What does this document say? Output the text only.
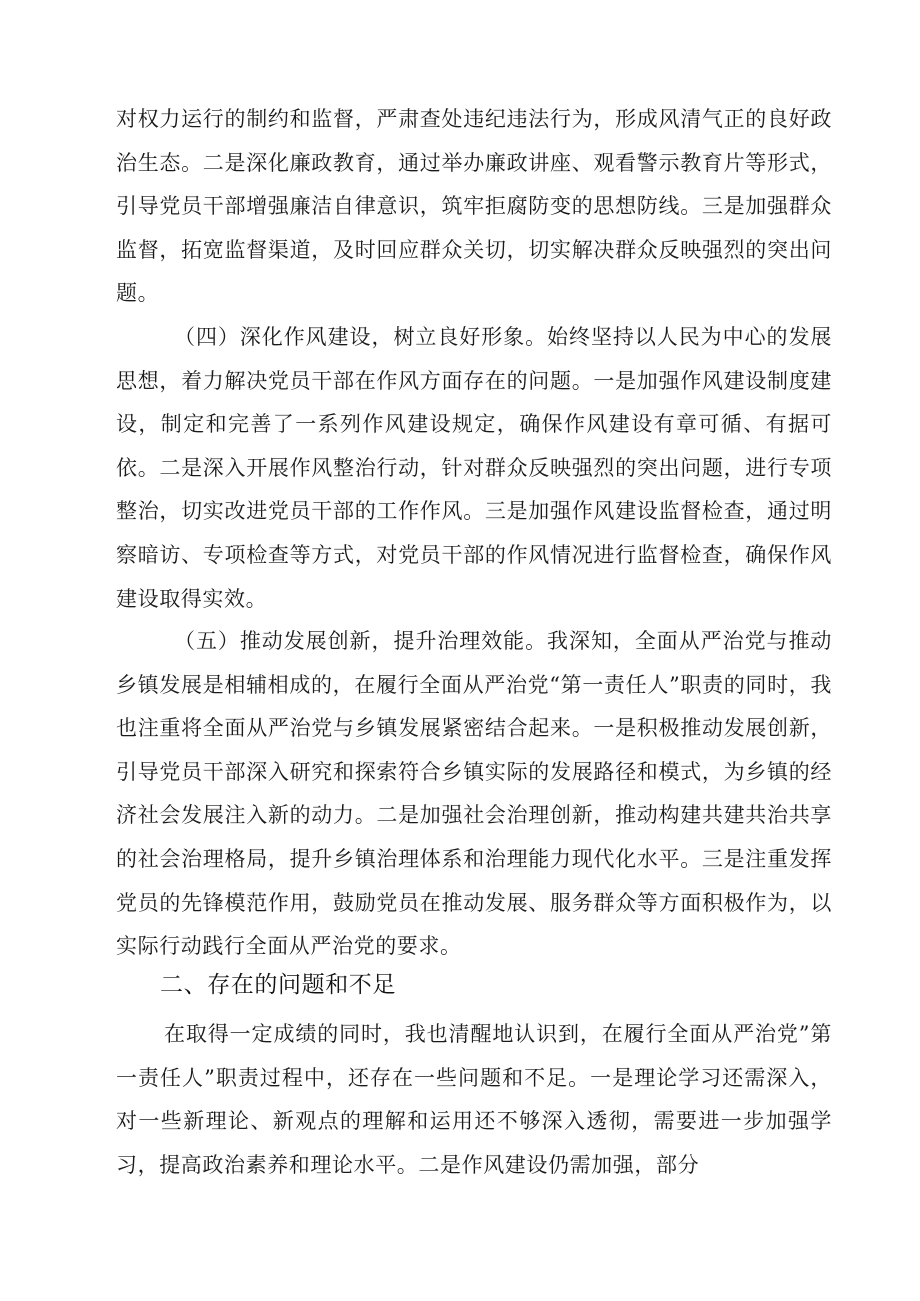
对权力运行的制约和监督，严肃查处违纪违法行为，形成风清气正的良好政治生态。二是深化廉政教育，通过举办廉政讲座、观看警示教育片等形式，引导党员干部增强廉洁自律意识，筑牢拒腐防变的思想防线。三是加强群众监督，拓宽监督渠道，及时回应群众关切，切实解决群众反映强烈的突出问题。

（四）深化作风建设，树立良好形象。始终坚持以人民为中心的发展思想，着力解决党员干部在作风方面存在的问题。一是加强作风建设制度建设，制定和完善了一系列作风建设规定，确保作风建设有章可循、有据可依。二是深入开展作风整治行动，针对群众反映强烈的突出问题，进行专项整治，切实改进党员干部的工作作风。三是加强作风建设监督检查，通过明察暗访、专项检查等方式，对党员干部的作风情况进行监督检查，确保作风建设取得实效。

（五）推动发展创新，提升治理效能。我深知，全面从严治党与推动乡镇发展是相辅相成的，在履行全面从严治党“第一责任人”职责的同时，我也注重将全面从严治党与乡镇发展紧密结合起来。一是积极推动发展创新，引导党员干部深入研究和探索符合乡镇实际的发展路径和模式，为乡镇的经济社会发展注入新的动力。二是加强社会治理创新，推动构建共建共治共享的社会治理格局，提升乡镇治理体系和治理能力现代化水平。三是注重发挥党员的先锋模范作用，鼓励党员在推动发展、服务群众等方面积极作为，以实际行动践行全面从严治党的要求。

二、存在的问题和不足

在取得一定成绩的同时，我也清醒地认识到，在履行全面从严治党”第一责任人”职责过程中，还存在一些问题和不足。一是理论学习还需深入，对一些新理论、新观点的理解和运用还不够深入透彻，需要进一步加强学习，提高政治素养和理论水平。二是作风建设仍需加强，部分
